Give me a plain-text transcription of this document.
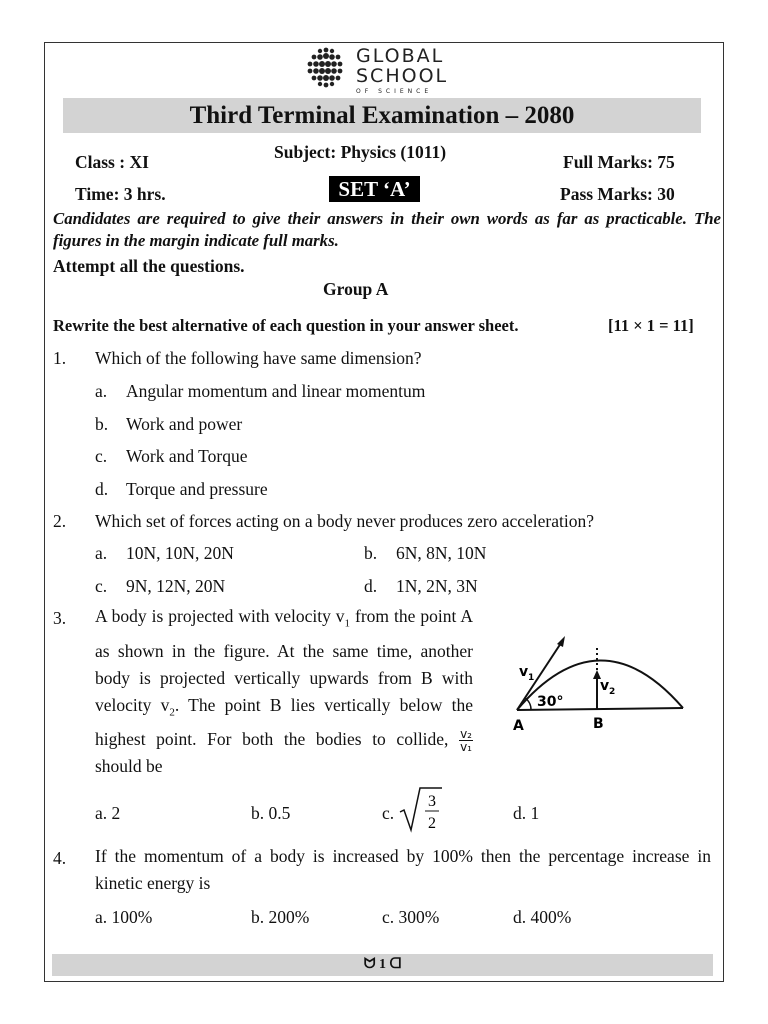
GLOBAL
SCHOOL
OF SCIENCE
Third Terminal Examination – 2080
Class : XI	Subject: Physics (1011)	Full Marks: 75
Time: 3 hrs.	SET ‘A’	Pass Marks: 30
Candidates are required to give their answers in their own words as far as practicable. The figures in the margin indicate full marks.
Attempt all the questions.
Group A
Rewrite the best alternative of each question in your answer sheet.	[11 × 1 = 11]
1. Which of the following have same dimension?
a. Angular momentum and linear momentum
b. Work and power
c. Work and Torque
d. Torque and pressure
2. Which set of forces acting on a body never produces zero acceleration?
a. 10N, 10N, 20N	b. 6N, 8N, 10N
c. 9N, 12N, 20N	d. 1N, 2N, 3N
3. A body is projected with velocity $v_1$ from the point A as shown in the figure. At the same time, another body is projected vertically upwards from B with velocity $v_2$. The point B lies vertically below the highest point. For both the bodies to collide, $\frac{\text{v₂}}{\text{v₁}}$
should be
v 1	v 2
30°
A	B
a. 2	b. 0.5	c.
3
2
d. 1
4. If the momentum of a body is increased by 100% then the percentage increase in kinetic energy is
a. 100%	b. 200%	c. 300%	d. 400%
ᗢ 1 ᗡ
